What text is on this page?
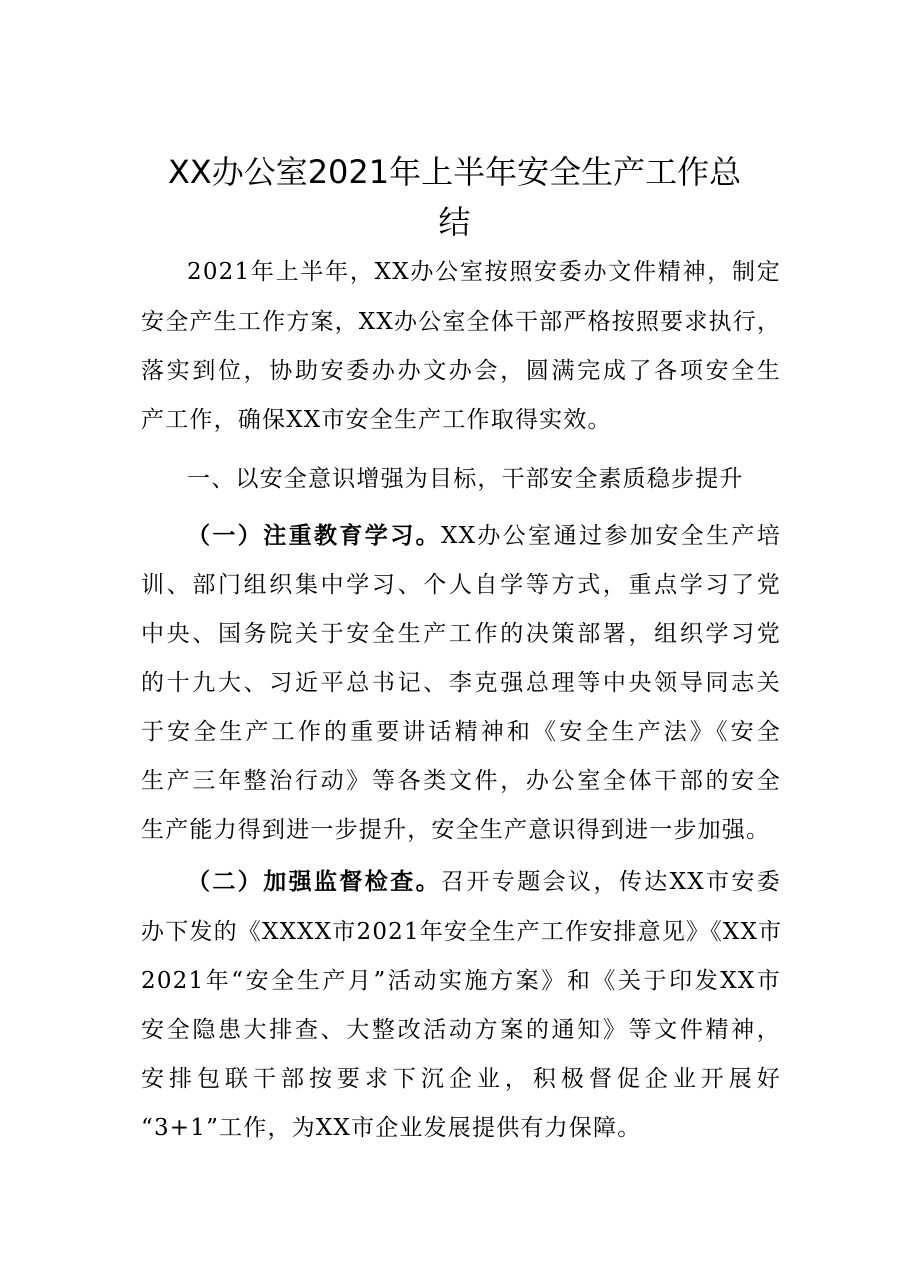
XX办公室2021年上半年安全生产工作总
结
2021年上半年，XX办公室按照安委办文件精神，制定
安全产生工作方案，XX办公室全体干部严格按照要求执行，
落实到位，协助安委办办文办会，圆满完成了各项安全生
产工作，确保XX市安全生产工作取得实效。
一、以安全意识增强为目标，干部安全素质稳步提升
（一）注重教育学习。XX办公室通过参加安全生产培
训、部门组织集中学习、个人自学等方式，重点学习了党
中央、国务院关于安全生产工作的决策部署，组织学习党
的十九大、习近平总书记、李克强总理等中央领导同志关
于安全生产工作的重要讲话精神和《安全生产法》《安全
生产三年整治行动》等各类文件，办公室全体干部的安全
生产能力得到进一步提升，安全生产意识得到进一步加强。
（二）加强监督检查。召开专题会议，传达XX市安委
办下发的《XXXX市2021年安全生产工作安排意见》《XX市
2021年“安全生产月”活动实施方案》和《关于印发XX市
安全隐患大排查、大整改活动方案的通知》等文件精神，
安排包联干部按要求下沉企业，积极督促企业开展好
“3+1”工作，为XX市企业发展提供有力保障。
